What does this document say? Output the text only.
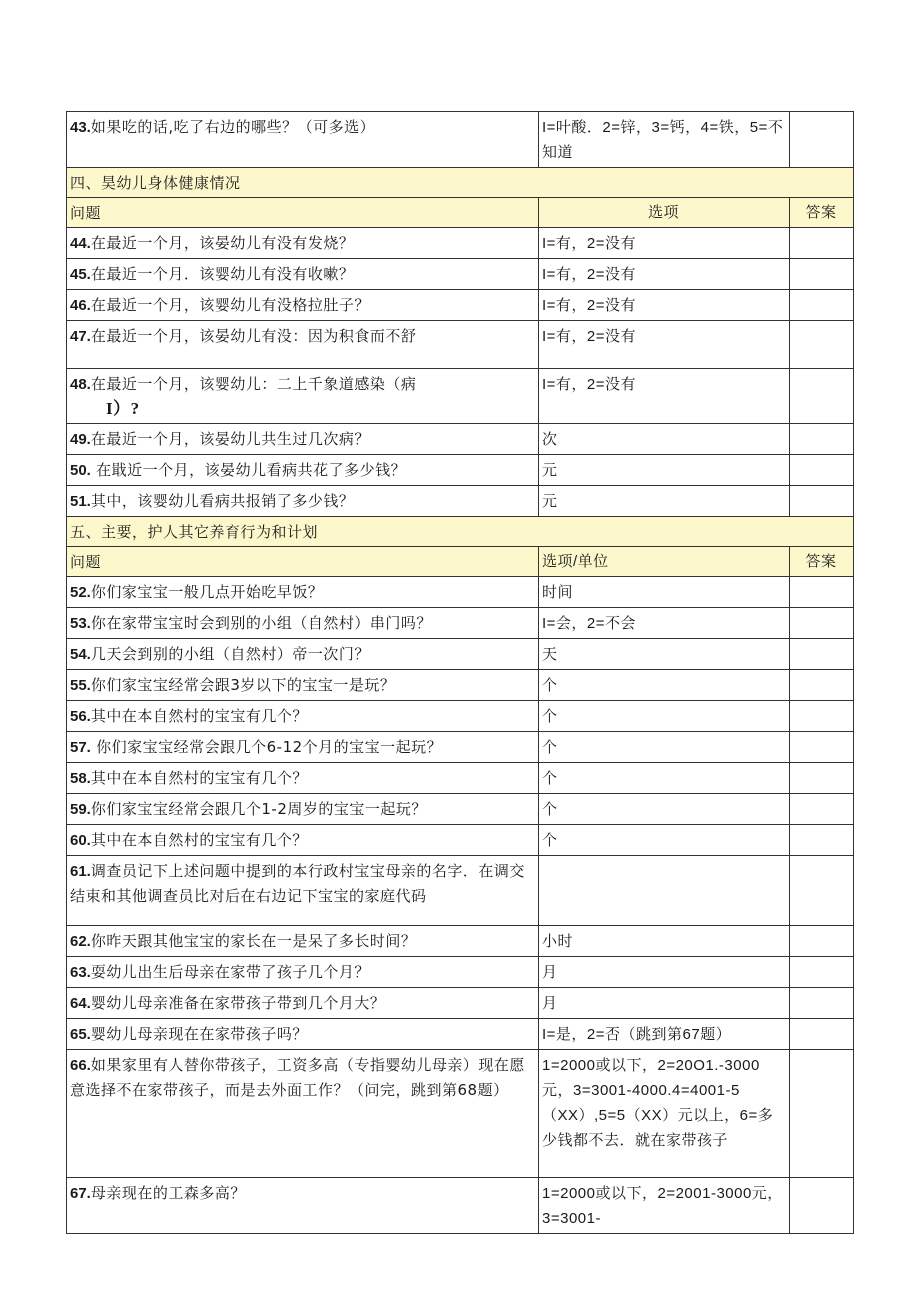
43.如果吃的话,吃了右边的哪些？（可多选）	I=叶酸．2=锌，3=钙，4=铁，5=不知道	
四、昊幼儿身体健康情况		
问题	选项	答案
44.在最近一个月，该晏幼儿有没有发烧？	I=有，2=没有	
45.在最近一个月．该婴幼儿有没有收嗽？	I=有，2=没有	
46.在最近一个月，该婴幼儿有没格拉肚子？	I=有，2=没有	
47.在最近一个月，该晏幼儿有没：因为积食而不舒	I=有，2=没有	
48.在最近一个月，该婴幼儿：二上千象道感染（病
I）?	I=有，2=没有	
49.在最近一个月，该晏幼儿共生过几次病？	次	
50. 在戢近一个月，该晏幼儿看病共花了多少钱？	元	
51.其中，该婴幼儿看病共报销了多少钱？	元	
五、主要，护人其它养育行为和计划		
问题	选项/单位	答案
52.你们家宝宝一般几点开始吃早饭？	时间	
53.你在家带宝宝时会到别的小组（自然村）串门吗？	I=会，2=不会	
54.几天会到别的小组（自然村）帝一次门？	天	
55.你们家宝宝经常会跟3岁以下的宝宝一是玩？	个	
56.其中在本自然村的宝宝有几个？	个	
57. 你们家宝宝经常会跟几个6-12个月的宝宝一起玩？	个	
58.其中在本自然村的宝宝有几个？	个	
59.你们家宝宝经常会跟几个1-2周岁的宝宝一起玩？	个	
60.其中在本自然村的宝宝有几个？	个	
61.调查员记下上述问题中提到的本行政村宝宝母亲的名字．在调交结束和其他调查员比对后在右边记下宝宝的家庭代码		
62.你昨天跟其他宝宝的家长在一是呆了多长时间？	小时	
63.耍幼儿出生后母亲在家带了孩子几个月？	月	
64.婴幼儿母亲准备在家带孩子带到几个月大？	月	
65.婴幼儿母亲现在在家带孩子吗？	I=是，2=否（跳到第67题）	
66.如果家里有人替你带孩子，工资多高（专指婴幼儿母亲）现在愿意选择不在家带孩子，而是去外面工作？（问完，跳到第68题）	1=2000或以下，2=20O1.-3000元，3=3001-4000.4=4001-5（XX）,5=5（XX）元以上，6=多少钱都不去．就在家带孩子	
67.母亲现在的工森多高？	1=2000或以下，2=2001-3000元，3=3001-	
